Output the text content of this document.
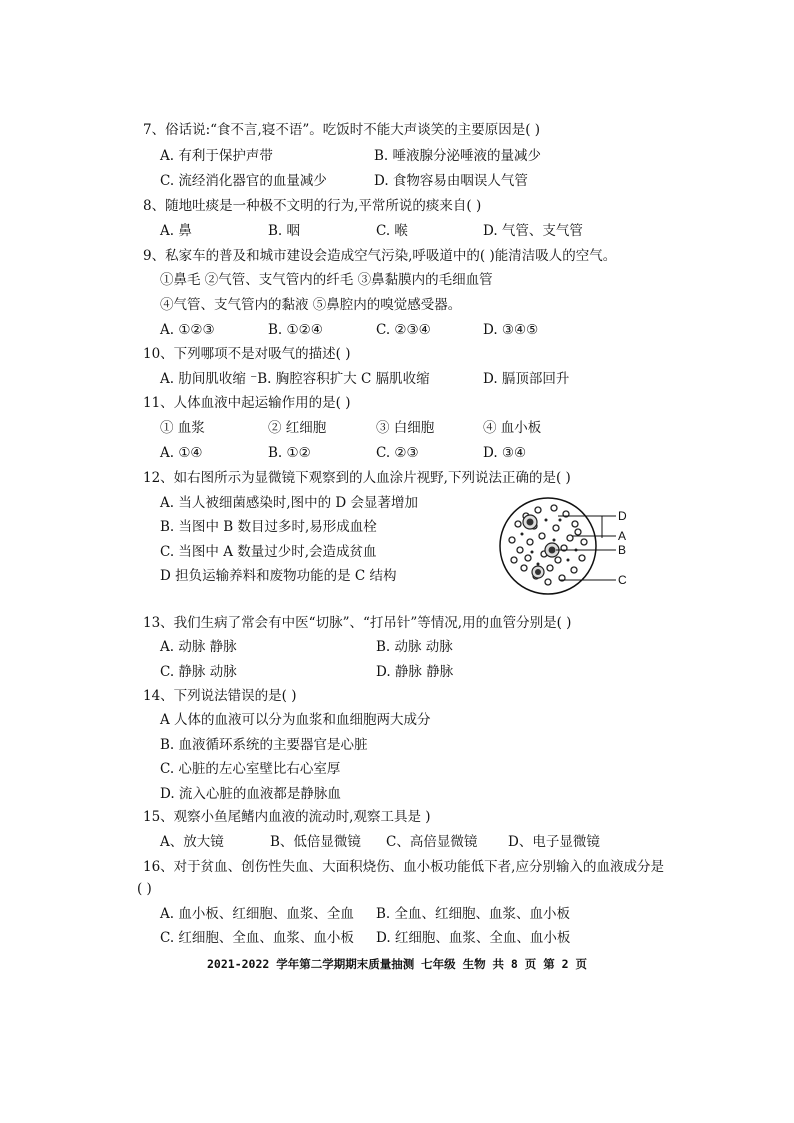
7、俗话说:“食不言,寝不语”。吃饭时不能大声谈笑的主要原因是( )
A. 有利于保护声带	B. 唾液腺分泌唾液的量减少
C. 流经消化器官的血量减少	D. 食物容易由咽误人气管
8、随地吐痰是一种极不文明的行为,平常所说的痰来自( )
A. 鼻	B. 咽	C. 喉	D. 气管、支气管
9、私家车的普及和城市建设会造成空气污染,呼吸道中的( )能清洁吸人的空气。
①鼻毛 ②气管、支气管内的纤毛 ③鼻黏膜内的毛细血管
④气管、支气管内的黏液 ⑤鼻腔内的嗅觉感受器。
A. ①②③	B. ①②④	C. ②③④	D. ③④⑤
10、下列哪项不是对吸气的描述( )
A. 肋间肌收缩 ⁻B. 胸腔容积扩大 C 膈肌收缩	D. 膈顶部回升
11、人体血液中起运输作用的是( )
① 血浆	② 红细胞	③ 白细胞	④ 血小板
A. ①④	B. ①②	C. ②③	D. ③④
12、如右图所示为显微镜下观察到的人血涂片视野,下列说法正确的是( )
A. 当人被细菌感染时,图中的 D 会显著增加
B. 当图中 B 数目过多时,易形成血栓
C. 当图中 A 数量过少时,会造成贫血
D 担负运输养料和废物功能的是 C 结构
D
A
B
C
13、我们生病了常会有中医“切脉”、“打吊针”等情况,用的血管分别是( )
A. 动脉 静脉	B. 动脉 动脉
C. 静脉 动脉	D. 静脉 静脉
14、下列说法错误的是( )
A 人体的血液可以分为血浆和血细胞两大成分
B. 血液循环系统的主要器官是心脏
C. 心脏的左心室壁比右心室厚
D. 流入心脏的血液都是静脉血
15、观察小鱼尾鳍内血液的流动时,观察工具是 )
A、放大镜	B、低倍显微镜 C、高倍显微镜 D、电子显微镜
16、对于贫血、创伤性失血、大面积烧伤、血小板功能低下者,应分别输入的血液成分是
( )
A. 血小板、红细胞、血浆、全血 B. 全血、红细胞、血浆、血小板
C. 红细胞、全血、血浆、血小板 D. 红细胞、血浆、全血、血小板
2021-2022 学年第二学期期末质量抽测 七年级 生物 共 8 页 第 2 页
